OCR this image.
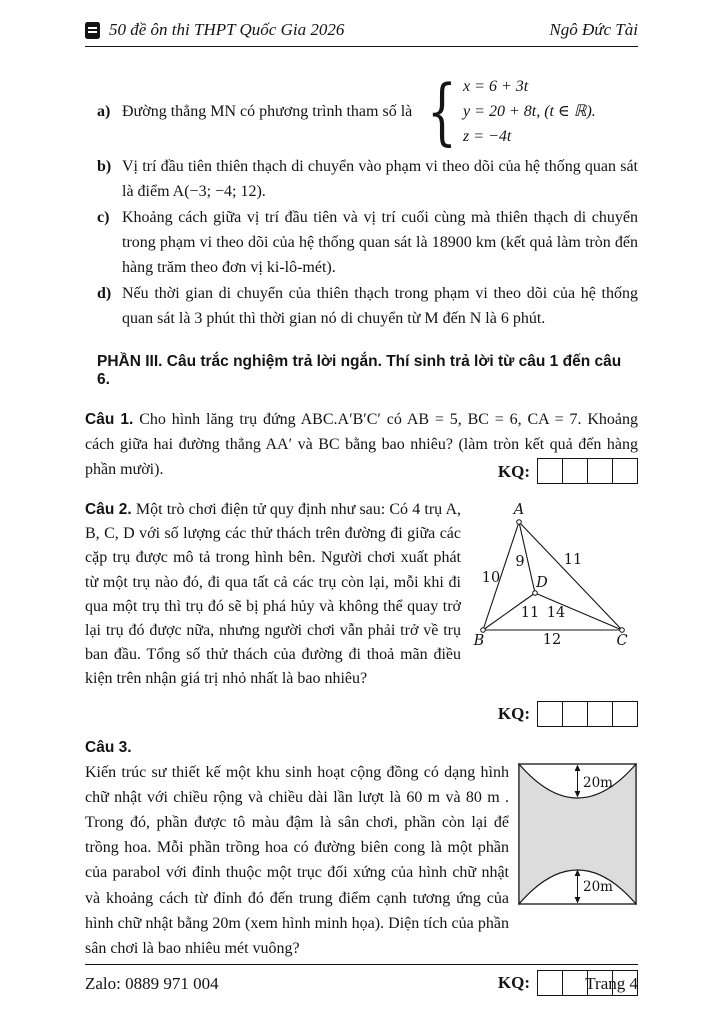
50 đề ôn thi THPT Quốc Gia 2026	Ngô Đức Tài
a) Đường thẳng MN có phương trình tham số là { x = 6 + 3t
y = 20 + 8t, (t ∈ ℝ).
z = −4t
b) Vị trí đầu tiên thiên thạch di chuyển vào phạm vi theo dõi của hệ thống quan sát là điểm A(−3; −4; 12).
c) Khoảng cách giữa vị trí đầu tiên và vị trí cuối cùng mà thiên thạch di chuyển trong phạm vi theo dõi của hệ thống quan sát là 18900 km (kết quả làm tròn đến hàng trăm theo đơn vị ki-lô-mét).
d) Nếu thời gian di chuyển của thiên thạch trong phạm vi theo dõi của hệ thống quan sát là 3 phút thì thời gian nó di chuyển từ M đến N là 6 phút.
PHẦN III. Câu trắc nghiệm trả lời ngắn. Thí sinh trả lời từ câu 1 đến câu 6.

Câu 1. Cho hình lăng trụ đứng ABC.A′B′C′ có AB = 5, BC = 6, CA = 7. Khoảng cách giữa hai đường thẳng AA′ và BC bằng bao nhiêu? (làm tròn kết quả đến hàng phần mười).	KQ:

Câu 2. Một trò chơi điện tử quy định như sau: Có 4 trụ A, B, C, D với số lượng các thử thách trên đường đi giữa các cặp trụ được mô tả trong hình bên. Người chơi xuất phát từ một trụ nào đó, đi qua tất cả các trụ còn lại, mỗi khi đi qua một trụ thì trụ đó sẽ bị phá hủy và không thể quay trở lại trụ đó được nữa, nhưng người chơi vẫn phải trở về trụ ban đầu. Tổng số thử thách của đường đi thoả mãn điều kiện trên nhận giá trị nhỏ nhất là bao nhiêu?

A
B	C
D
9
10
11
11 14
12
KQ:
Câu 3.

Kiến trúc sư thiết kế một khu sinh hoạt cộng đồng có dạng hình chữ nhật với chiều rộng và chiều dài lần lượt là 60 m và 80 m . Trong đó, phần được tô màu đậm là sân chơi, phần còn lại để trồng hoa. Mỗi phần trồng hoa có đường biên cong là một phần của parabol với đỉnh thuộc một trục đối xứng của hình chữ nhật và khoảng cách từ đỉnh đó đến trung điểm cạnh tương ứng của hình chữ nhật bằng 20m (xem hình minh họa). Diện tích của phần sân chơi là bao nhiêu mét vuông?

20m
20m
KQ:
Zalo: 0889 971 004	Trang 4
